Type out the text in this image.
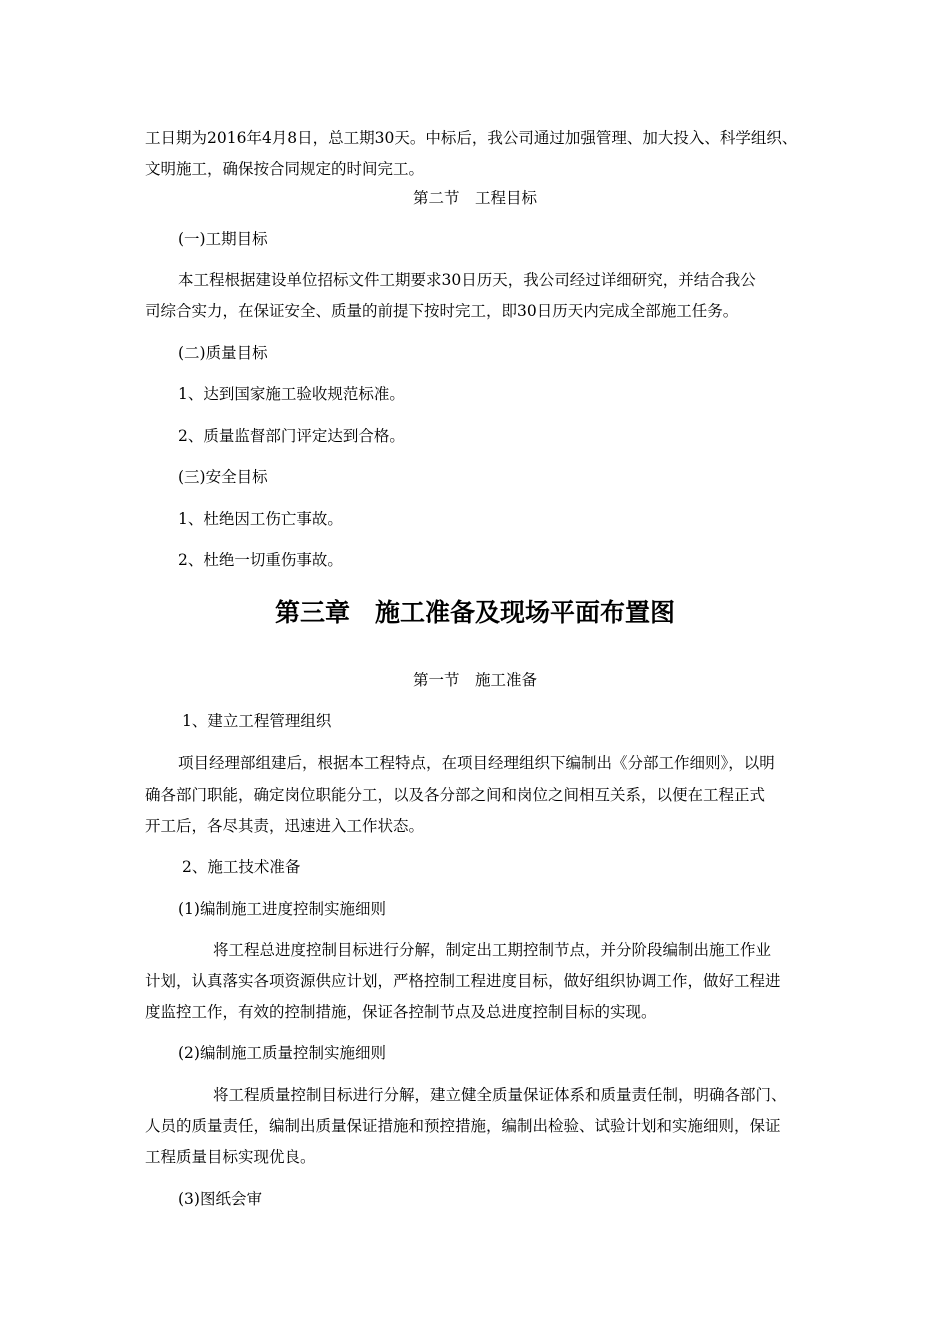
工日期为2016年4月8日，总工期30天。中标后，我公司通过加强管理、加大投入、科学组织、
文明施工，确保按合同规定的时间完工。
第二节　工程目标
(一)工期目标
本工程根据建设单位招标文件工期要求30日历天，我公司经过详细研究，并结合我公
司综合实力，在保证安全、质量的前提下按时完工，即30日历天内完成全部施工任务。
(二)质量目标
1、达到国家施工验收规范标准。
2、质量监督部门评定达到合格。
(三)安全目标
1、杜绝因工伤亡事故。
2、杜绝一切重伤事故。
第三章　施工准备及现场平面布置图
第一节　施工准备
1、建立工程管理组织
项目经理部组建后，根据本工程特点，在项目经理组织下编制出《分部工作细则》，以明
确各部门职能，确定岗位职能分工，以及各分部之间和岗位之间相互关系，以便在工程正式
开工后，各尽其责，迅速进入工作状态。
2、施工技术准备
(1)编制施工进度控制实施细则
将工程总进度控制目标进行分解，制定出工期控制节点，并分阶段编制出施工作业
计划，认真落实各项资源供应计划，严格控制工程进度目标，做好组织协调工作，做好工程进
度监控工作，有效的控制措施，保证各控制节点及总进度控制目标的实现。
(2)编制施工质量控制实施细则
将工程质量控制目标进行分解，建立健全质量保证体系和质量责任制，明确各部门、
人员的质量责任，编制出质量保证措施和预控措施，编制出检验、试验计划和实施细则，保证
工程质量目标实现优良。
(3)图纸会审
